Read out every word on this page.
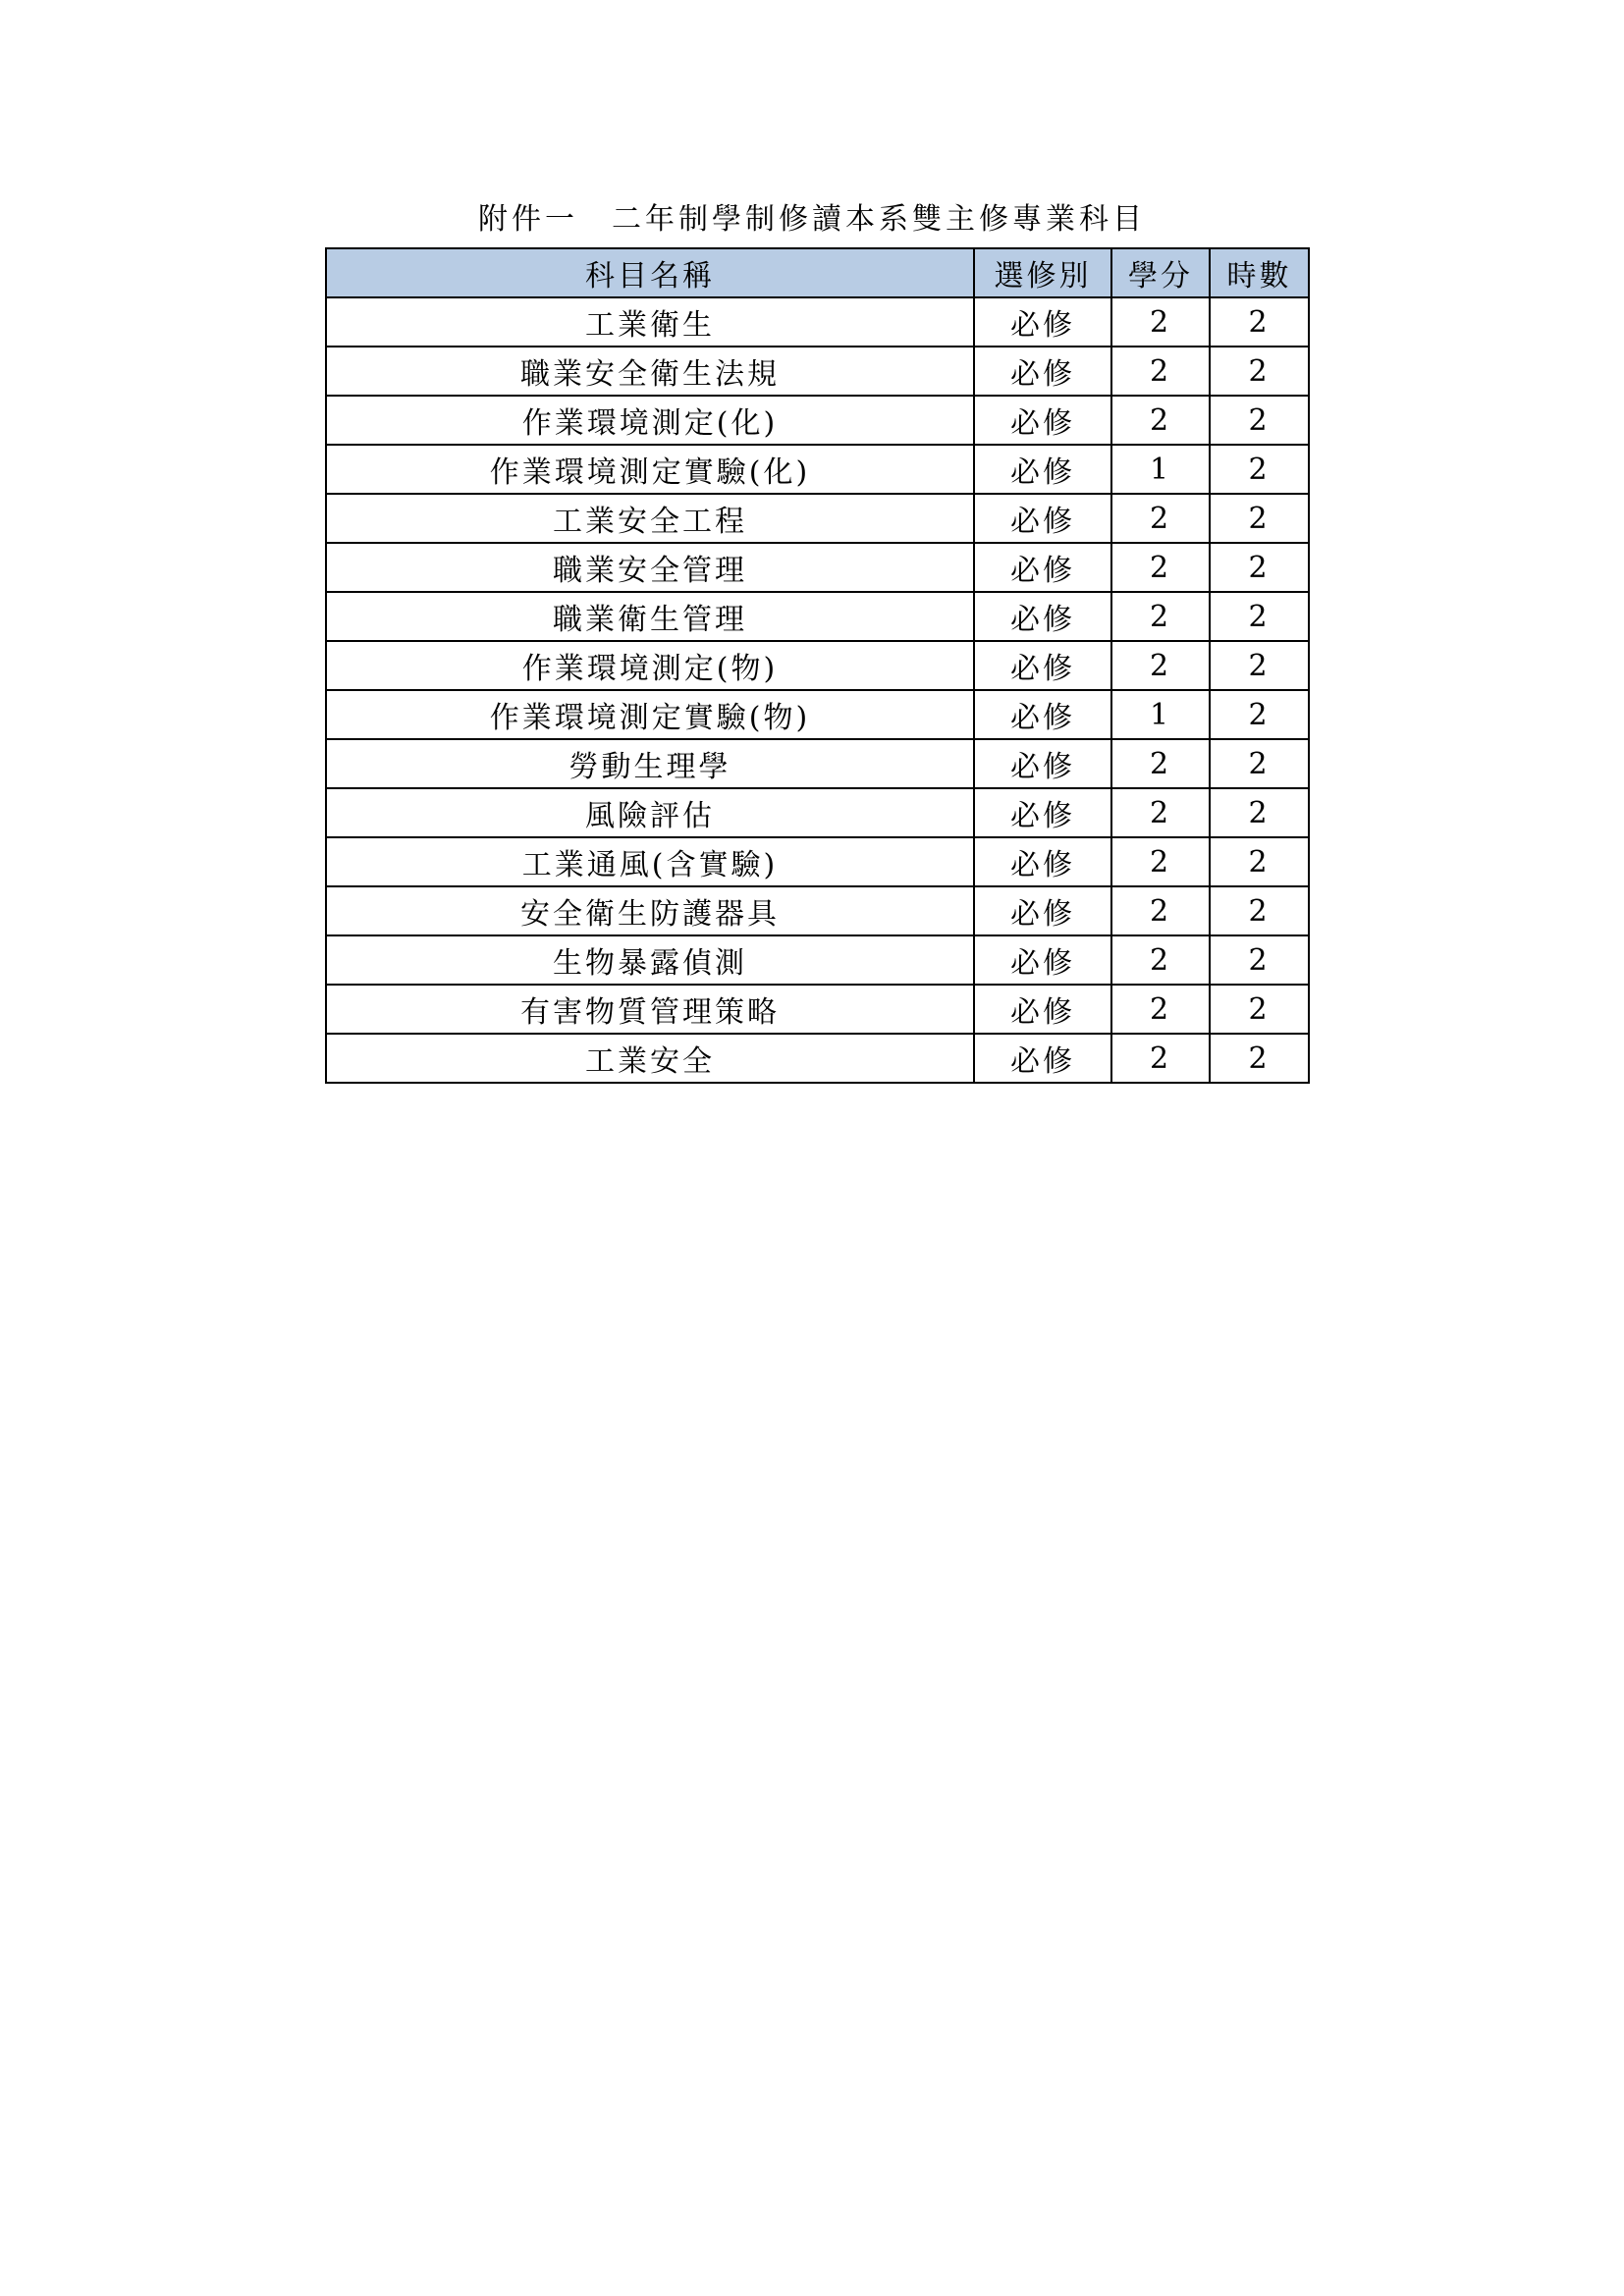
附件一　二年制學制修讀本系雙主修專業科目
科目名稱	選修別	學分	時數
工業衛生	必修	2	2
職業安全衛生法規	必修	2	2
作業環境測定(化)	必修	2	2
作業環境測定實驗(化)	必修	1	2
工業安全工程	必修	2	2
職業安全管理	必修	2	2
職業衛生管理	必修	2	2
作業環境測定(物)	必修	2	2
作業環境測定實驗(物)	必修	1	2
勞動生理學	必修	2	2
風險評估	必修	2	2
工業通風(含實驗)	必修	2	2
安全衛生防護器具	必修	2	2
生物暴露偵測	必修	2	2
有害物質管理策略	必修	2	2
工業安全	必修	2	2
